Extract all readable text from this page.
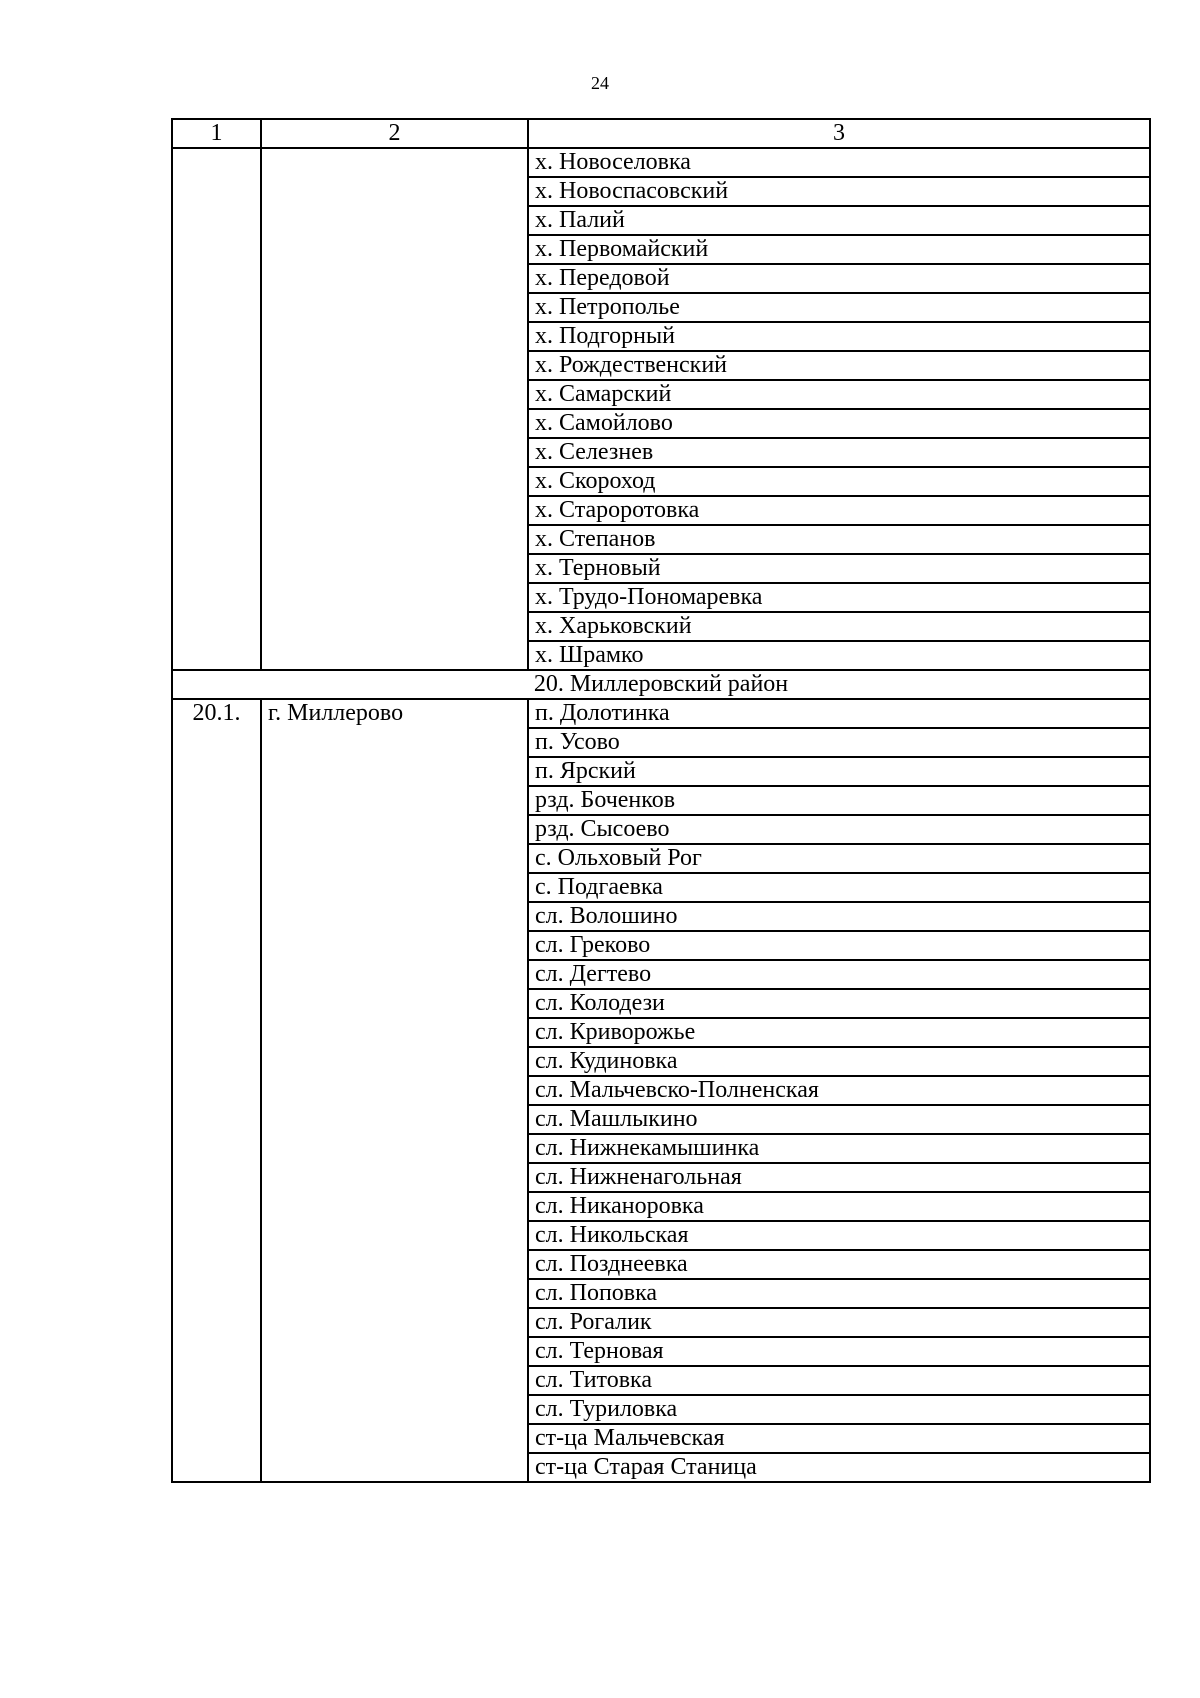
24
1	2	3
		х. Новоселовка
		х. Новоспасовский
		х. Палий
		х. Первомайский
		х. Передовой
		х. Петрополье
		х. Подгорный
		х. Рождественский
		х. Самарский
		х. Самойлово
		х. Селезнев
		х. Скороход
		х. Староротовка
		х. Степанов
		х. Терновый
		х. Трудо-Пономаревка
		х. Харьковский
		х. Шрамко
20. Миллеровский район		
20.1.	г. Миллерово	п. Долотинка
		п. Усово
		п. Ярский
		рзд. Боченков
		рзд. Сысоево
		с. Ольховый Рог
		с. Подгаевка
		сл. Волошино
		сл. Греково
		сл. Дегтево
		сл. Колодези
		сл. Криворожье
		сл. Кудиновка
		сл. Мальчевско-Полненская
		сл. Машлыкино
		сл. Нижнекамышинка
		сл. Нижненагольная
		сл. Никаноровка
		сл. Никольская
		сл. Позднеевка
		сл. Поповка
		сл. Рогалик
		сл. Терновая
		сл. Титовка
		сл. Туриловка
		ст-ца Мальчевская
		ст-ца Старая Станица
